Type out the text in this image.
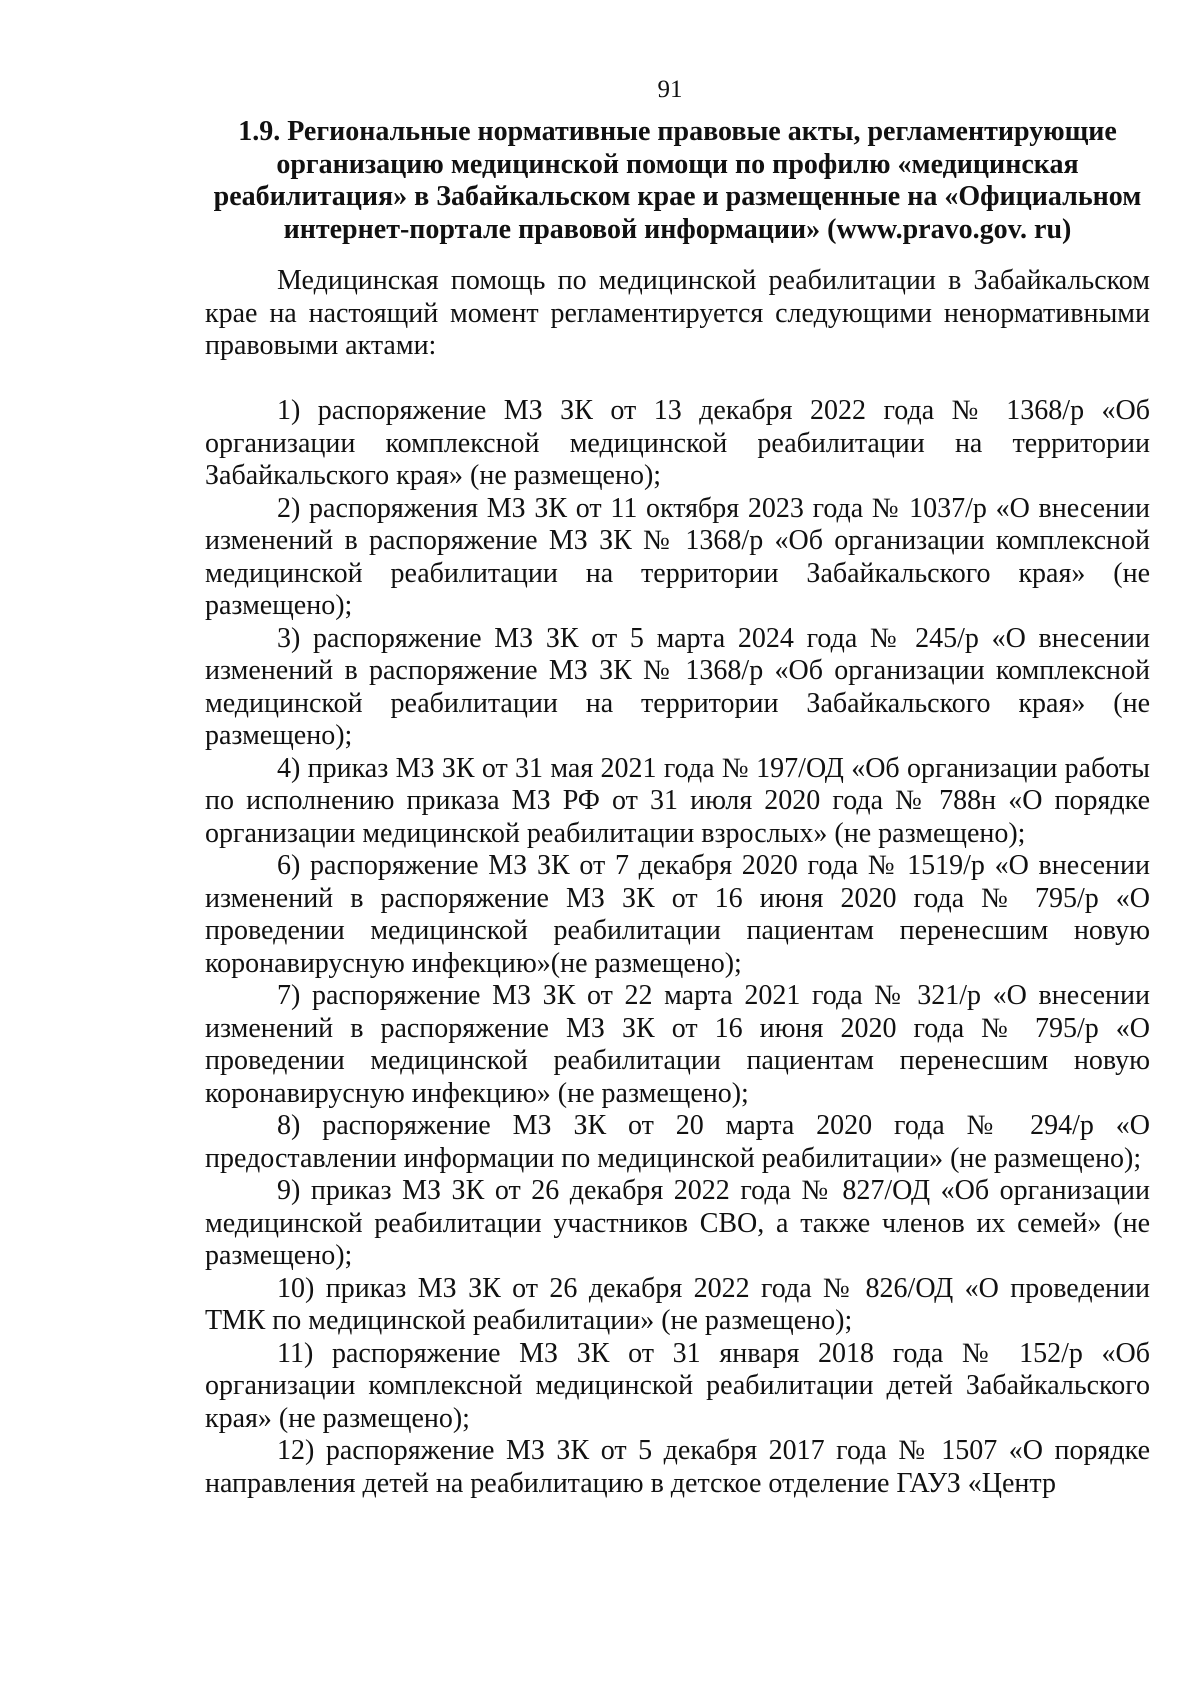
91
1.9. Региональные нормативные правовые акты, регламентирующие организацию медицинской помощи по профилю «медицинская реабилитация» в Забайкальском крае и размещенные на «Официальном интернет-портале правовой информации» (www.pravo.gov. ru)

Медицинская помощь по медицинской реабилитации в Забайкальском крае на настоящий момент регламентируется следующими ненормативными правовыми актами:

1) распоряжение МЗ ЗК от 13 декабря 2022 года № 1368/р «Об организации комплексной медицинской реабилитации на территории Забайкальского края» (не размещено);

2) распоряжения МЗ ЗК от 11 октября 2023 года № 1037/р «О внесении изменений в распоряжение МЗ ЗК № 1368/р «Об организации комплексной медицинской реабилитации на территории Забайкальского края» (не размещено);

3) распоряжение МЗ ЗК от 5 марта 2024 года № 245/р «О внесении изменений в распоряжение МЗ ЗК № 1368/р «Об организации комплексной медицинской реабилитации на территории Забайкальского края» (не размещено);

4) приказ МЗ ЗК от 31 мая 2021 года № 197/ОД «Об организации работы по исполнению приказа МЗ РФ от 31 июля 2020 года № 788н «О порядке организации медицинской реабилитации взрослых» (не размещено);

6) распоряжение МЗ ЗК от 7 декабря 2020 года № 1519/р «О внесении изменений в распоряжение МЗ ЗК от 16 июня 2020 года № 795/р «О проведении медицинской реабилитации пациентам перенесшим новую коронавирусную инфекцию»(не размещено);

7) распоряжение МЗ ЗК от 22 марта 2021 года № 321/р «О внесении изменений в распоряжение МЗ ЗК от 16 июня 2020 года № 795/р «О проведении медицинской реабилитации пациентам перенесшим новую коронавирусную инфекцию» (не размещено);

8) распоряжение МЗ ЗК от 20 марта 2020 года № 294/р «О предоставлении информации по медицинской реабилитации» (не размещено);

9) приказ МЗ ЗК от 26 декабря 2022 года № 827/ОД «Об организации медицинской реабилитации участников СВО, а также членов их семей» (не размещено);

10) приказ МЗ ЗК от 26 декабря 2022 года № 826/ОД «О проведении ТМК по медицинской реабилитации» (не размещено);

11) распоряжение МЗ ЗК от 31 января 2018 года № 152/р «Об организации комплексной медицинской реабилитации детей Забайкальского края» (не размещено);

12) распоряжение МЗ ЗК от 5 декабря 2017 года № 1507 «О порядке направления детей на реабилитацию в детское отделение ГАУЗ «Центр
